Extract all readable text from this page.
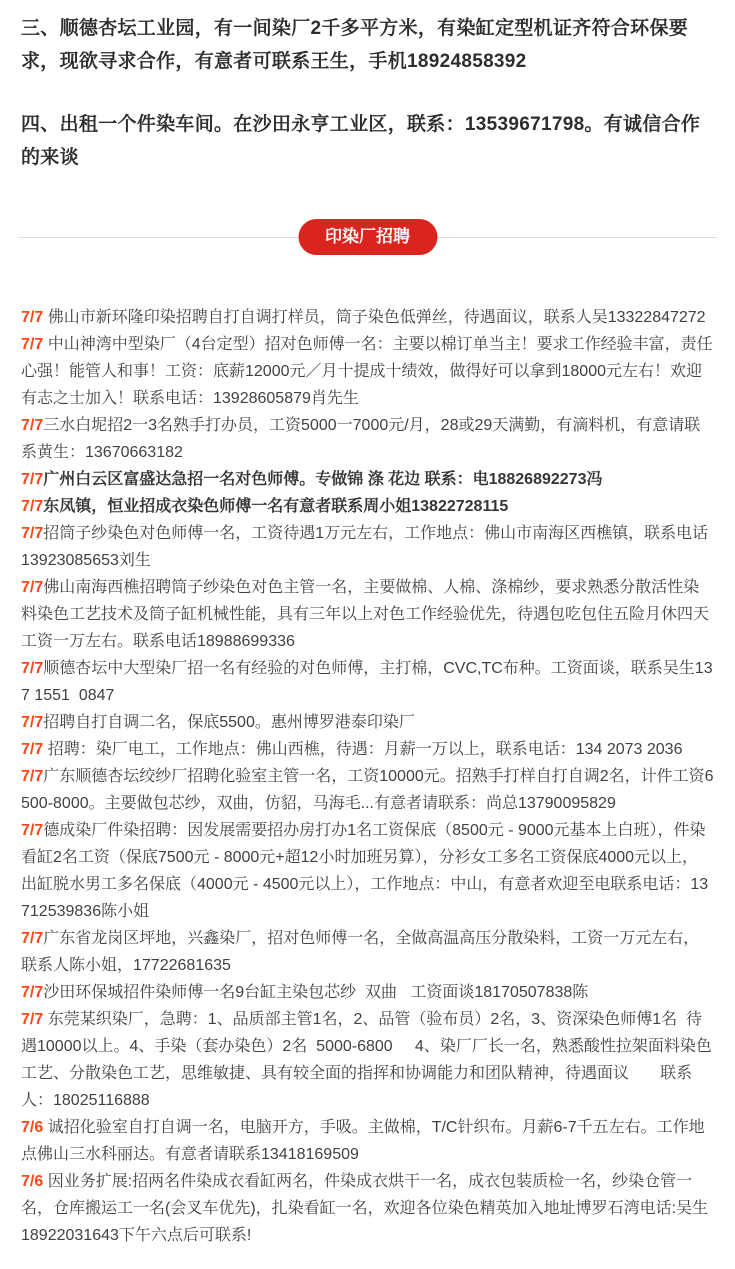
三、顺德杏坛工业园，有一间染厂2千多平方米，有染缸定型机证齐符合环保要求，现欲寻求合作，有意者可联系王生，手机18924858392

四、出租一个件染车间。在沙田永亨工业区，联系：13539671798。有诚信合作的来谈

印染厂招聘

7/7 佛山市新环隆印染招聘自打自调打样员，筒子染色低弹丝，待遇面议，联系人吴13322847272

7/7 中山神湾中型染厂（4台定型）招对色师傅一名：主要以棉订单当主！要求工作经验丰富，责任心强！能管人和事！工资：底薪12000元／月十提成十绩效，做得好可以拿到18000元左右！欢迎有志之士加入！联系电话：13928605879肖先生

7/7三水白坭招2一3名熟手打办员，工资5000一7000元/月，28或29天满勤，有滴料机，有意请联系黄生：13670663182

7/7广州白云区富盛达急招一名对色师傅。专做锦 涤 花边 联系：电18826892273冯

7/7东凤镇，恒业招成衣染色师傅一名有意者联系周小姐13822728115

7/7招筒子纱染色对色师傅一名，工资待遇1万元左右，工作地点：佛山市南海区西樵镇，联系电话13923085653刘生

7/7佛山南海西樵招聘筒子纱染色对色主管一名，主要做棉、人棉、涤棉纱，要求熟悉分散活性染料染色工艺技术及筒子缸机械性能，具有三年以上对色工作经验优先，待遇包吃包住五险月休四天工资一万左右。联系电话18988699336

7/7顺德杏坛中大型染厂招一名有经验的对色师傅，主打棉，CVC,TC布种。工资面谈，联系吴生137 1551  0847

7/7招聘自打自调二名，保底5500。惠州博罗港泰印染厂

7/7 招聘：染厂电工，工作地点：佛山西樵，待遇：月薪一万以上，联系电话：134 2073 2036

7/7广东顺德杏坛绞纱厂招聘化验室主管一名，工资10000元。招熟手打样自打自调2名，计件工资6500-8000。主要做包芯纱，双曲，仿貂，马海毛...有意者请联系：尚总13790095829

7/7德成染厂件染招聘：因发展需要招办房打办1名工资保底（8500元 - 9000元基本上白班），件染看缸2名工资（保底7500元 - 8000元+超12小时加班另算），分衫女工多名工资保底4000元以上，出缸脱水男工多名保底（4000元 - 4500元以上），工作地点：中山，有意者欢迎至电联系电话：13712539836陈小姐

7/7广东省龙岗区坪地，兴鑫染厂，招对色师傅一名，全做高温高压分散染料，工资一万元左右，联系人陈小姐，17722681635

7/7沙田环保城招件染师傅一名9台缸主染包芯纱  双曲   工资面谈18170507838陈

7/7 东莞某织染厂，急聘：1、品质部主管1名，2、品管（验布员）2名，3、资深染色师傅1名  待遇10000以上。4、手染（套办染色）2名  5000-6800     4、染厂厂长一名，熟悉酸性拉架面料染色工艺、分散染色工艺，思维敏捷、具有较全面的指挥和协调能力和团队精神，待遇面议       联系人：18025116888

7/6 诚招化验室自打自调一名，电脑开方，手吸。主做棉，T/C针织布。月薪6-7千五左右。工作地点佛山三水科丽达。有意者请联系13418169509

7/6 因业务扩展:招两名件染成衣看缸两名，件染成衣烘干一名，成衣包装质检一名，纱染仓管一名，仓库搬运工一名(会叉车优先)，扎染看缸一名，欢迎各位染色精英加入地址博罗石湾电话:吴生18922031643下午六点后可联系!
